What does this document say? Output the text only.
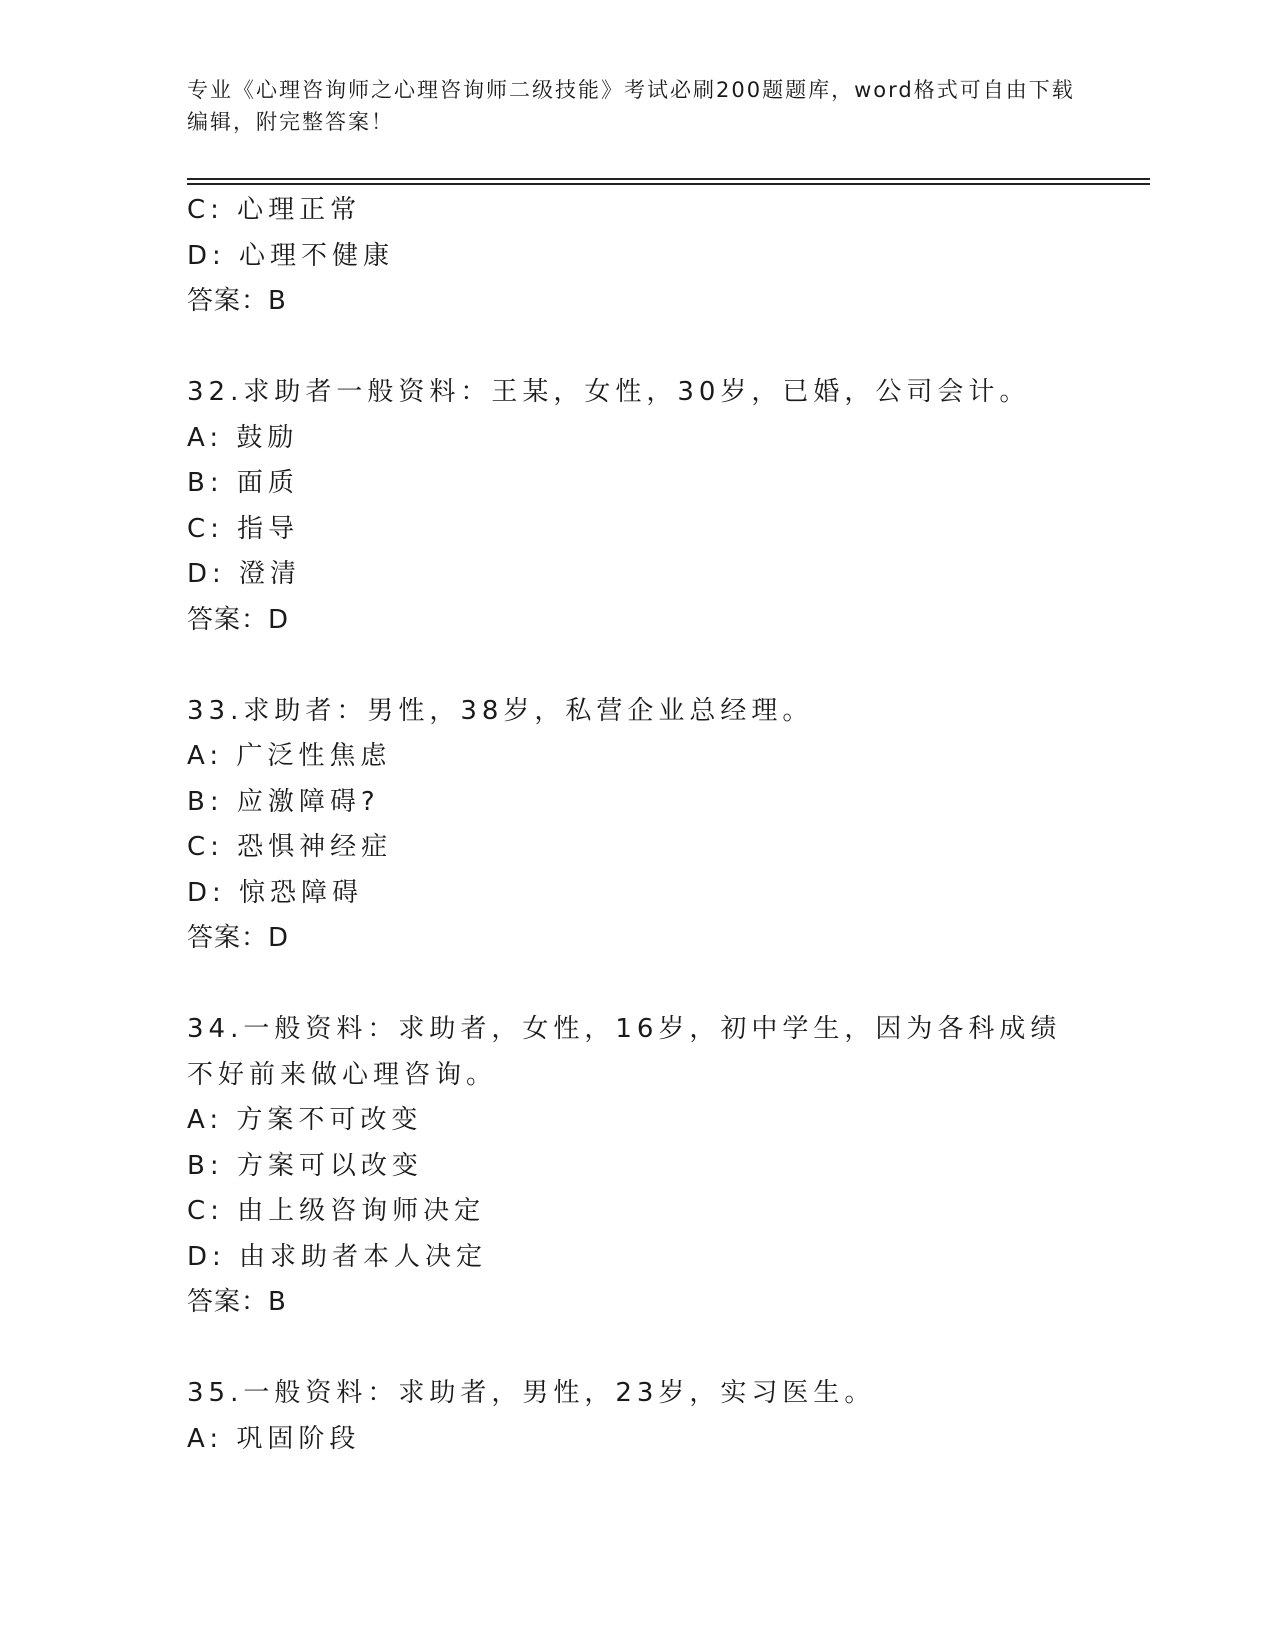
专业《心理咨询师之心理咨询师二级技能》考试必刷200题题库，word格式可自由下载编辑，附完整答案！
C: 心理正常
D: 心理不健康
答案：B
32.求助者一般资料：王某，女性，30岁，已婚，公司会计。
A: 鼓励
B: 面质
C: 指导
D: 澄清
答案：D
33.求助者：男性，38岁，私营企业总经理。
A: 广泛性焦虑
B: 应激障碍?
C: 恐惧神经症
D: 惊恐障碍
答案：D
34.一般资料：求助者，女性，16岁，初中学生，因为各科成绩不好前来做心理咨询。
A: 方案不可改变
B: 方案可以改变
C: 由上级咨询师决定
D: 由求助者本人决定
答案：B
35.一般资料：求助者，男性，23岁，实习医生。
A: 巩固阶段
